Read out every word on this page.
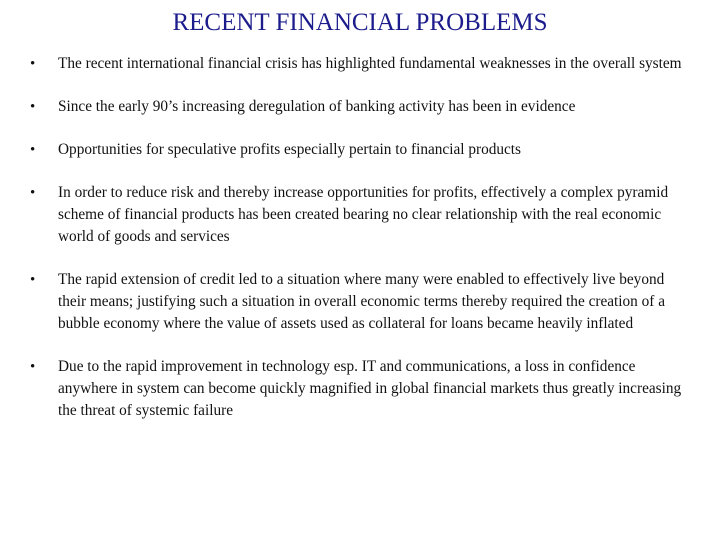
RECENT FINANCIAL PROBLEMS
•	The recent international financial crisis has highlighted fundamental weaknesses in the overall system
•	Since the early 90’s increasing deregulation of banking activity has been in evidence
•	Opportunities for speculative profits especially pertain to financial products
•	In order to reduce risk and thereby increase opportunities for profits, effectively a complex pyramid scheme of financial products has been created bearing no clear relationship with the real economic world of goods and services
•	The rapid extension of credit led to a situation where many were enabled to effectively live beyond their means; justifying such a situation in overall economic terms thereby required the creation of a bubble economy where the value of assets used as collateral for loans became heavily inflated
•	Due to the rapid improvement in technology esp. IT and communications, a loss in confidence anywhere in system can become quickly magnified in global financial markets thus greatly increasing the threat of systemic failure
